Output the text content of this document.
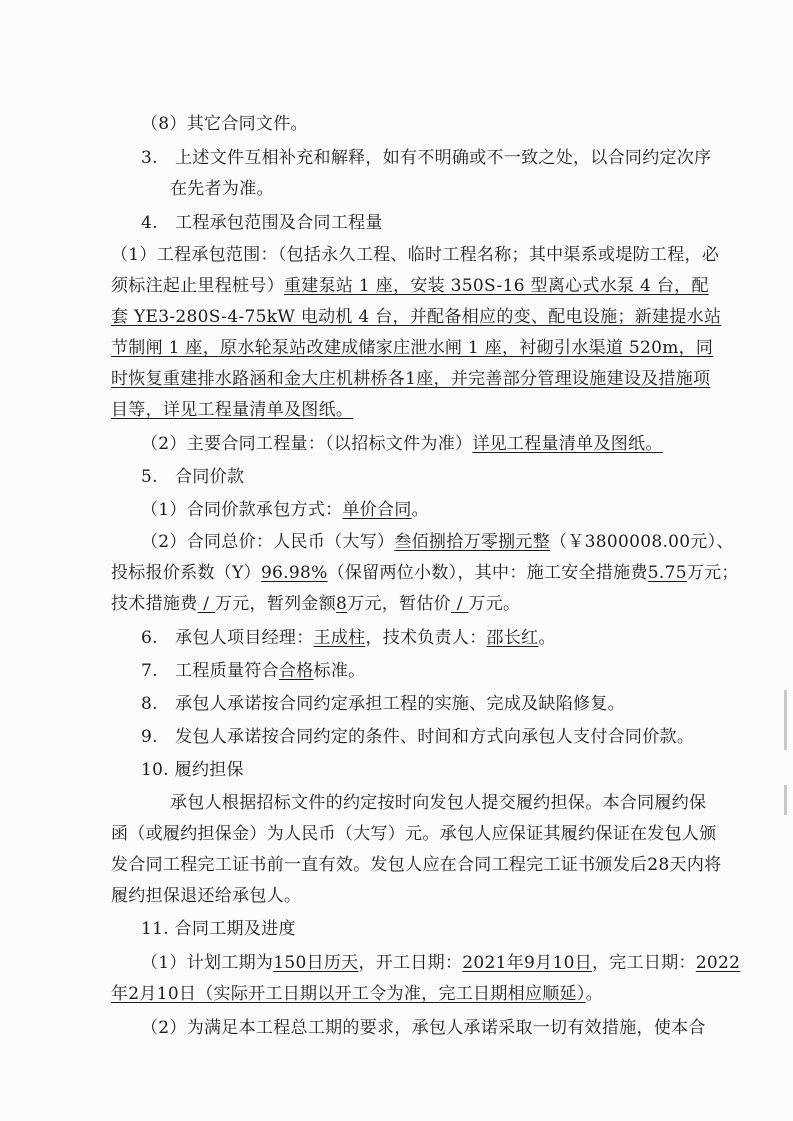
（8）其它合同文件。
3.　上述文件互相补充和解释，如有不明确或不一致之处，以合同约定次序
在先者为准。
4.　工程承包范围及合同工程量
（1）工程承包范围：（包括永久工程、临时工程名称；其中渠系或堤防工程，必
须标注起止里程桩号）重建泵站 1 座，安装 350S-16 型离心式水泵 4 台，配
套 YE3-280S-4-75kW 电动机 4 台，并配备相应的变、配电设施；新建提水站
节制闸 1 座，原水轮泵站改建成储家庄泄水闸 1 座，衬砌引水渠道 520m，同
时恢复重建排水路涵和金大庄机耕桥各1座，并完善部分管理设施建设及措施项
目等，详见工程量清单及图纸。
（2）主要合同工程量：（以招标文件为准）详见工程量清单及图纸。
5.　合同价款
（1）合同价款承包方式：单价合同。
（2）合同总价：人民币（大写）叁佰捌拾万零捌元整（￥3800008.00元）、
投标报价系数（Y）96.98%（保留两位小数），其中：施工安全措施费5.75万元；
技术措施费 / 万元，暂列金额8万元，暂估价 / 万元。
6.　承包人项目经理：王成柱，技术负责人：邵长红。
7.　工程质量符合合格标准。
8.　承包人承诺按合同约定承担工程的实施、完成及缺陷修复。
9.　发包人承诺按合同约定的条件、时间和方式向承包人支付合同价款。
10. 履约担保
承包人根据招标文件的约定按时向发包人提交履约担保。本合同履约保
函（或履约担保金）为人民币（大写）元。承包人应保证其履约保证在发包人颁
发合同工程完工证书前一直有效。发包人应在合同工程完工证书颁发后28天内将
履约担保退还给承包人。
11. 合同工期及进度
（1）计划工期为150日历天，开工日期：2021年9月10日，完工日期：2022
年2月10日（实际开工日期以开工令为准，完工日期相应顺延）。
（2）为满足本工程总工期的要求，承包人承诺采取一切有效措施，使本合
